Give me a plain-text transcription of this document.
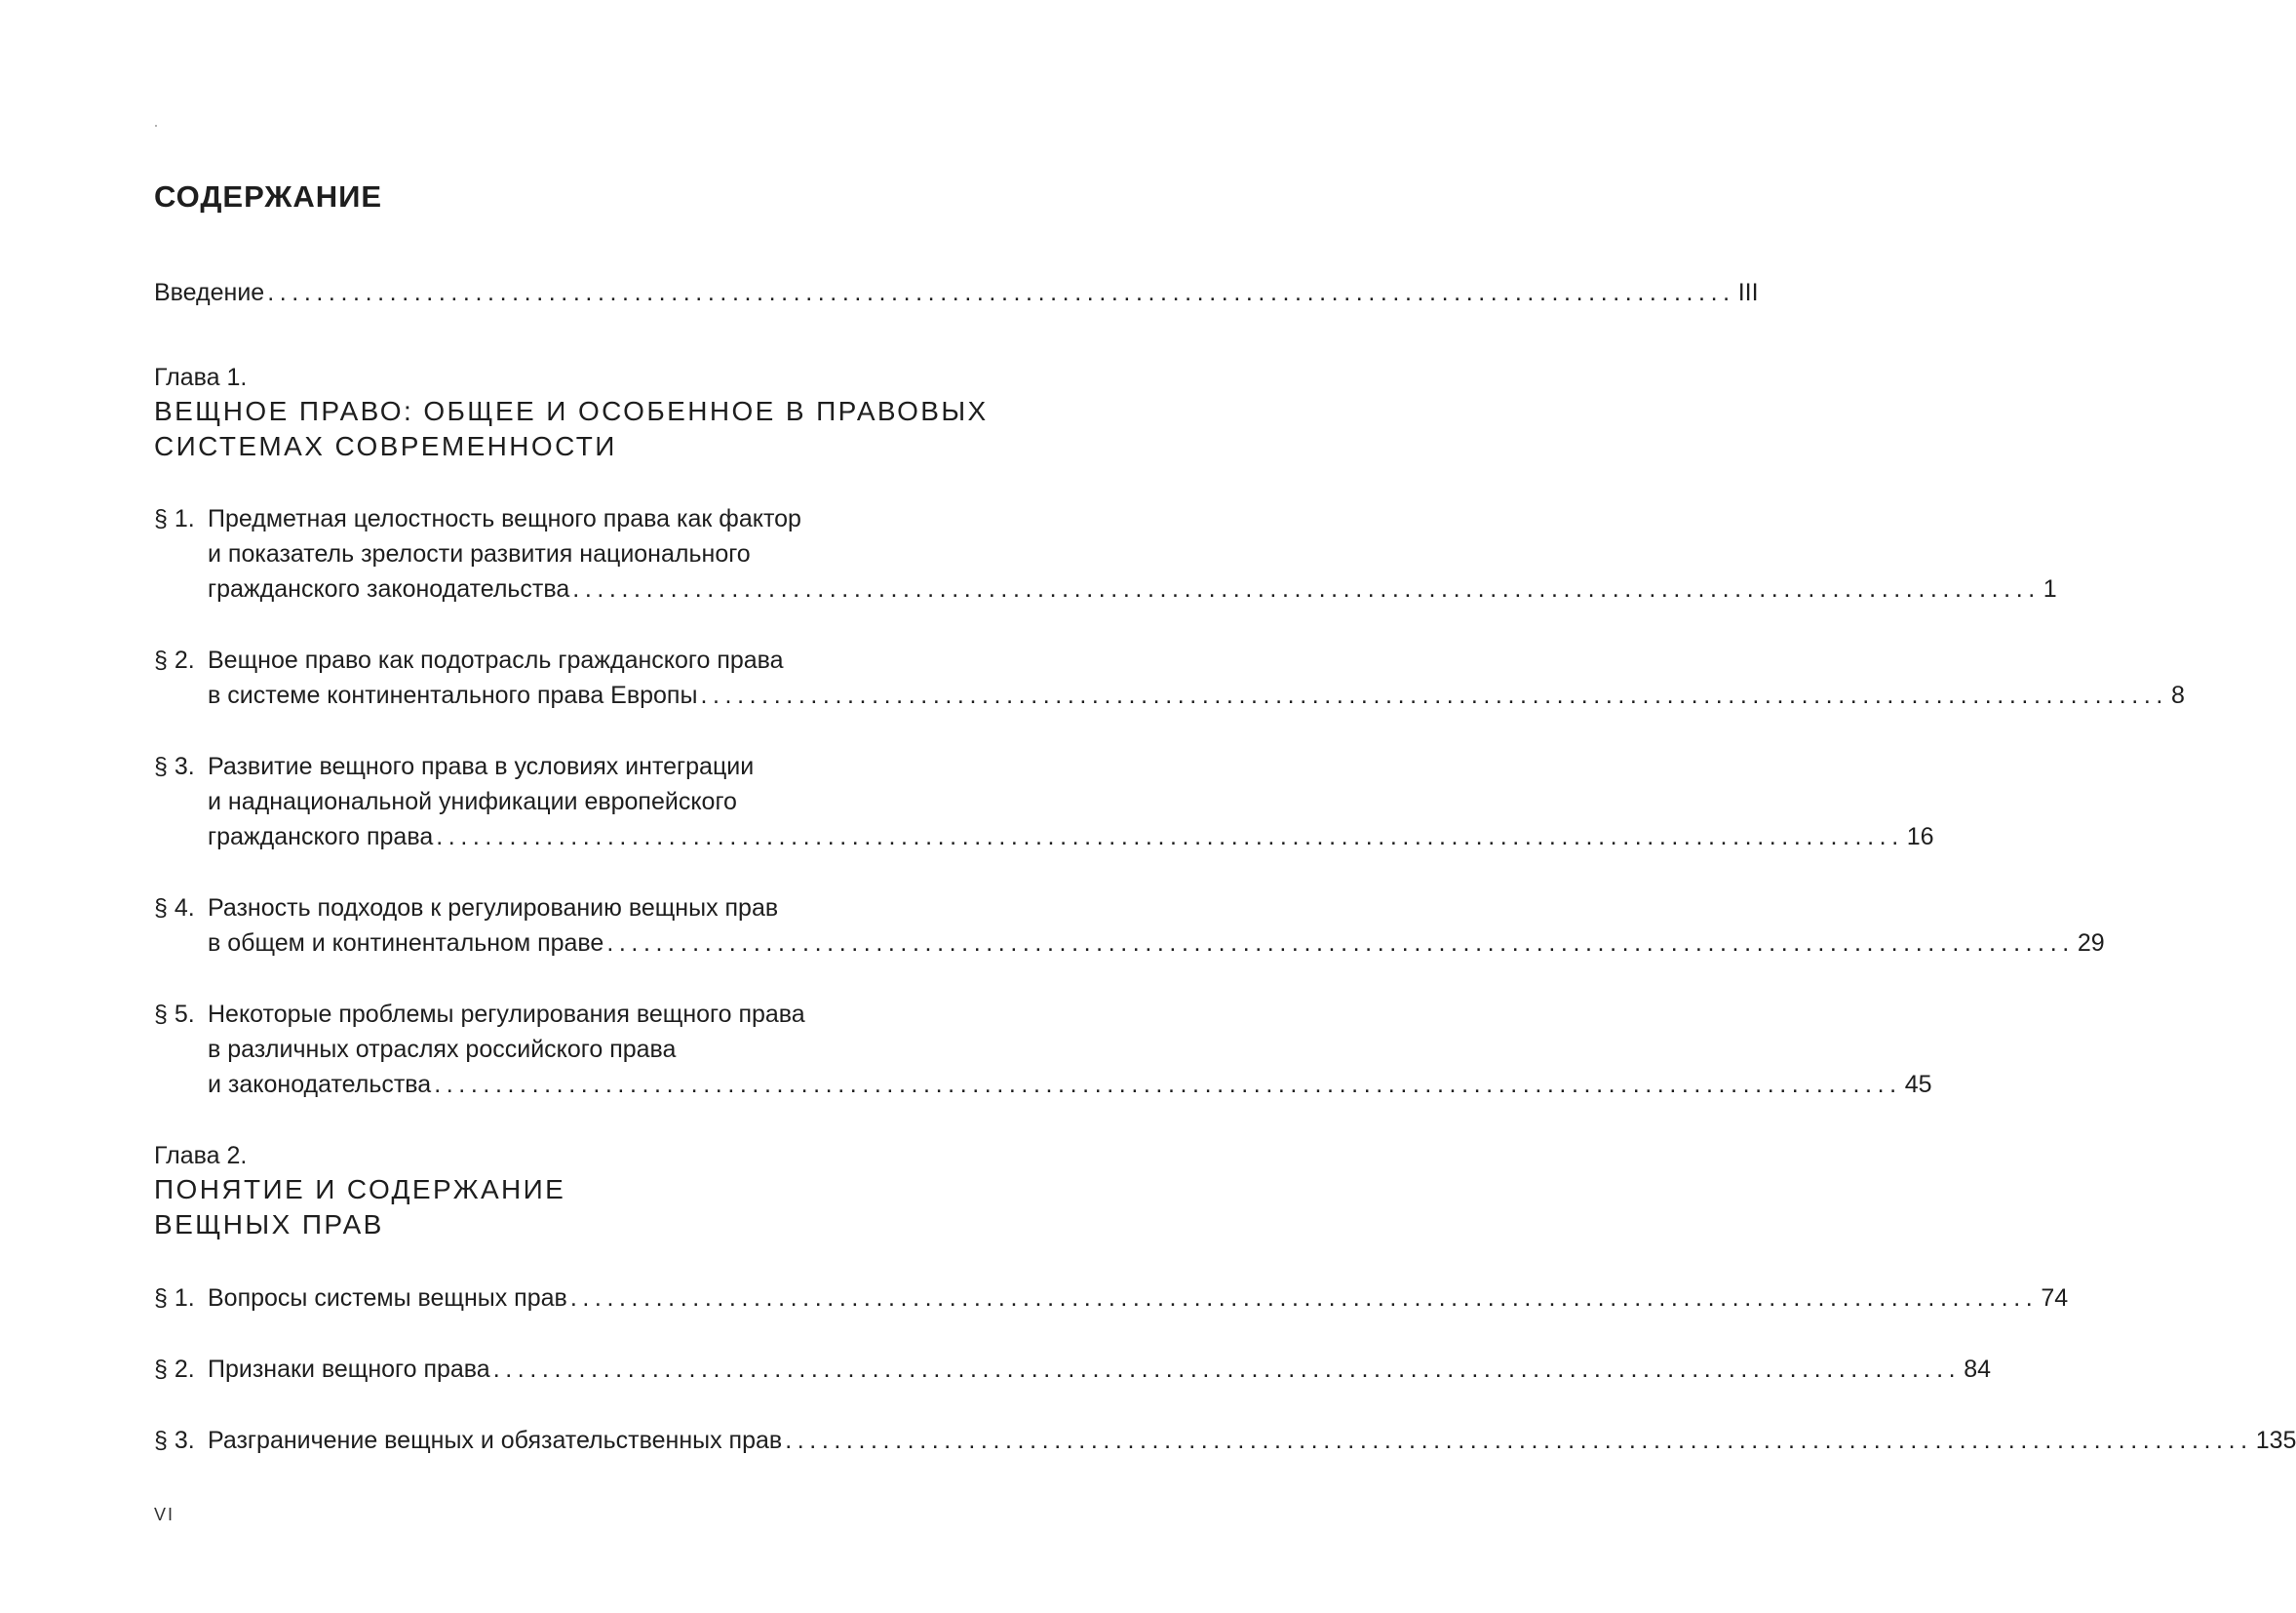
СОДЕРЖАНИЕ
Введение ........................................................................................................................ III
Глава 1.
ВЕЩНОЕ ПРАВО: ОБЩЕЕ И ОСОБЕННОЕ В ПРАВОВЫХ
СИСТЕМАХ СОВРЕМЕННОСТИ
§ 1. Предметная целостность вещного права как фактор
и показатель зрелости развития национального
гражданского законодательства ........................................................................................................................ 1
§ 2. Вещное право как подотрасль гражданского права
в системе континентального права Европы ........................................................................................................................ 8
§ 3. Развитие вещного права в условиях интеграции
и наднациональной унификации европейского
гражданского права ........................................................................................................................ 16
§ 4. Разность подходов к регулированию вещных прав
в общем и континентальном праве ........................................................................................................................ 29
§ 5. Некоторые проблемы регулирования вещного права
в различных отраслях российского права
и законодательства ........................................................................................................................ 45
Глава 2.
ПОНЯТИЕ И СОДЕРЖАНИЕ
ВЕЩНЫХ ПРАВ
§ 1. Вопросы системы вещных прав ........................................................................................................................ 74
§ 2. Признаки вещного права ........................................................................................................................ 84
§ 3. Разграничение вещных и обязательственных прав ........................................................................................................................ 135
VI
